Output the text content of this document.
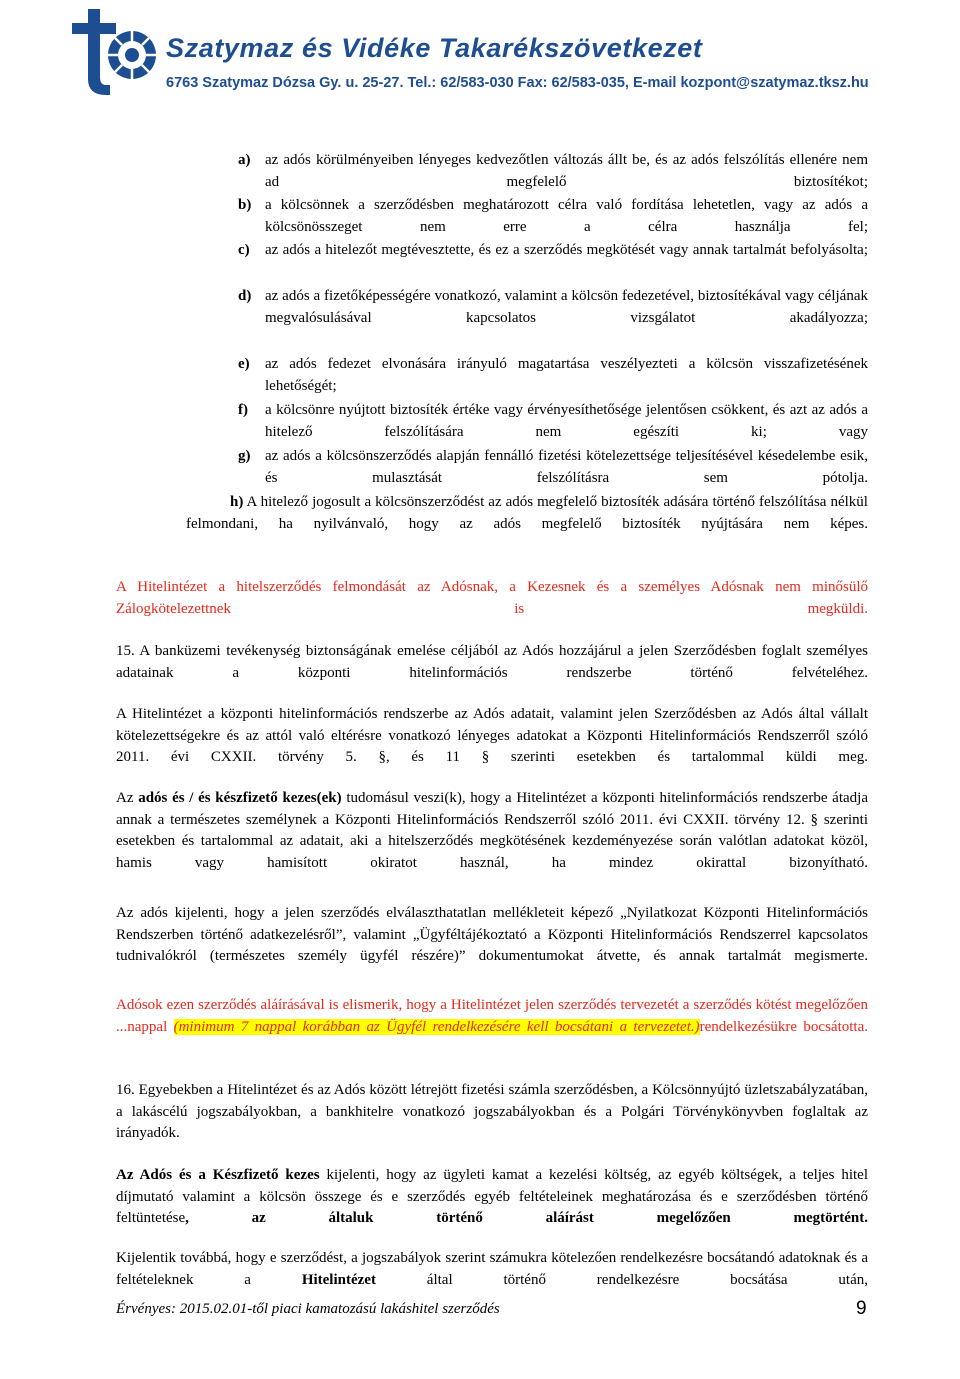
Szatymaz és Vidéke Takarékszövetkezet
6763 Szatymaz Dózsa Gy. u. 25-27. Tel.: 62/583-030 Fax: 62/583-035, E-mail kozpont@szatymaz.tksz.hu
a) az adós körülményeiben lényeges kedvezőtlen változás állt be, és az adós felszólítás ellenére nem ad megfelelő biztosítékot;
b) a kölcsönnek a szerződésben meghatározott célra való fordítása lehetetlen, vagy az adós a kölcsönösszeget nem erre a célra használja fel;
c) az adós a hitelezőt megtévesztette, és ez a szerződés megkötését vagy annak tartalmát befolyásolta;
d) az adós a fizetőképességére vonatkozó, valamint a kölcsön fedezetével, biztosítékával vagy céljának megvalósulásával kapcsolatos vizsgálatot akadályozza;
e) az adós fedezet elvonására irányuló magatartása veszélyezteti a kölcsön visszafizetésének lehetőségét;
f) a kölcsönre nyújtott biztosíték értéke vagy érvényesíthetősége jelentősen csökkent, és azt az adós a hitelező felszólítására nem egészíti ki; vagy
g) az adós a kölcsönszerződés alapján fennálló fizetési kötelezettsége teljesítésével késedelembe esik, és mulasztását felszólításra sem pótolja.
h) A hitelező jogosult a kölcsönszerződést az adós megfelelő biztosíték adására történő felszólítása nélkül felmondani, ha nyilvánvaló, hogy az adós megfelelő biztosíték nyújtására nem képes.
A Hitelintézet a hitelszerződés felmondását az Adósnak, a Kezesnek és a személyes Adósnak nem minősülő Zálogkötelezettnek is megküldi.
15. A banküzemi tevékenység biztonságának emelése céljából az Adós hozzájárul a jelen Szerződésben foglalt személyes adatainak a központi hitelinformációs rendszerbe történő felvételéhez.
A Hitelintézet a központi hitelinformációs rendszerbe az Adós adatait, valamint jelen Szerződésben az Adós által vállalt kötelezettségekre és az attól való eltérésre vonatkozó lényeges adatokat a Központi Hitelinformációs Rendszerről szóló 2011. évi CXXII. törvény 5. §, és 11 § szerinti esetekben és tartalommal küldi meg.
Az adós és / és készfizető kezes(ek) tudomásul veszi(k), hogy a Hitelintézet a központi hitelinformációs rendszerbe átadja annak a természetes személynek a Központi Hitelinformációs Rendszerről szóló 2011. évi CXXII. törvény 12. § szerinti esetekben és tartalommal az adatait, aki a hitelszerződés megkötésének kezdeményezése során valótlan adatokat közöl, hamis vagy hamisított okiratot használ, ha mindez okirattal bizonyítható.
Az adós kijelenti, hogy a jelen szerződés elválaszthatatlan mellékleteit képező „Nyilatkozat Központi Hitelinformációs Rendszerben történő adatkezelésről”, valamint „Ügyféltájékoztató a Központi Hitelinformációs Rendszerrel kapcsolatos tudnivalókról (természetes személy ügyfél részére)” dokumentumokat átvette, és annak tartalmát megismerte.
Adósok ezen szerződés aláírásával is elismerik, hogy a Hitelintézet jelen szerződés tervezetét a szerződés kötést megelőzően ...nappal (minimum 7 nappal korábban az Ügyfél rendelkezésére kell bocsátani a tervezetet.)rendelkezésükre bocsátotta.
16. Egyebekben a Hitelintézet és az Adós között létrejött fizetési számla szerződésben, a Kölcsönnyújtó üzletszabályzatában, a lakáscélú jogszabályokban, a bankhitelre vonatkozó jogszabályokban és a Polgári Törvénykönyvben foglaltak az irányadók.
Az Adós és a Készfizető kezes kijelenti, hogy az ügyleti kamat a kezelési költség, az egyéb költségek, a teljes hitel díjmutató valamint a kölcsön összege és e szerződés egyéb feltételeinek meghatározása és e szerződésben történő feltüntetése, az általuk történő aláírást megelőzően megtörtént.
Kijelentik továbbá, hogy e szerződést, a jogszabályok szerint számukra kötelezően rendelkezésre bocsátandó adatoknak és a feltételeknek a Hitelintézet által történő rendelkezésre bocsátása után,
Érvényes: 2015.02.01-től piaci kamatozású lakáshitel szerződés	9
